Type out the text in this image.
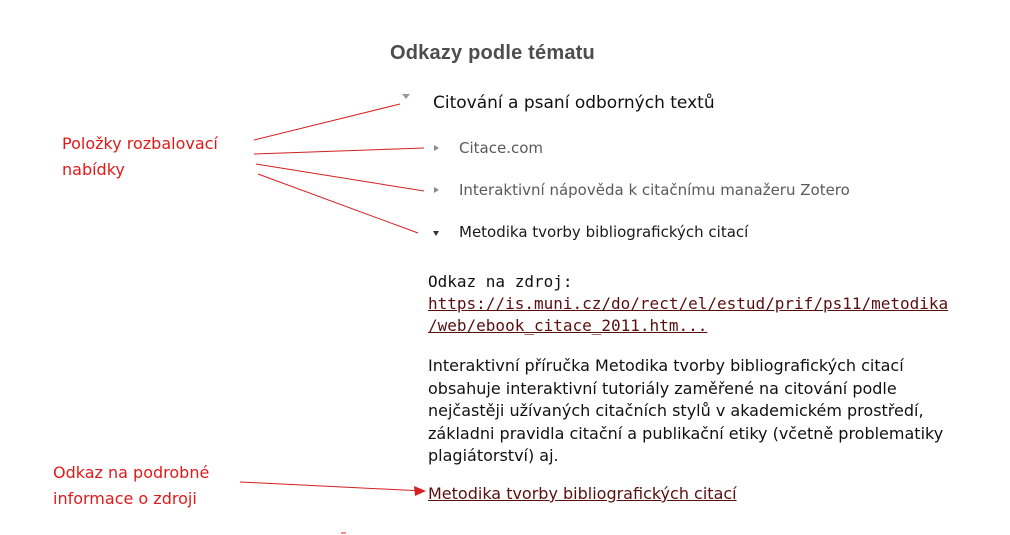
Odkazy podle tématu
Citování a psaní odborných textů
Citace.com
Interaktivní nápověda k citačnímu manažeru Zotero
Metodika tvorby bibliografických citací
Odkaz na zdroj:
https://is.muni.cz/do/rect/el/estud/prif/ps11/metodika
/web/ebook_citace_2011.htm...
Interaktivní příručka Metodika tvorby bibliografických citací obsahuje interaktivní tutoriály zaměřené na citování podle nejčastěji užívaných citačních stylů v akademickém prostředí, základni pravidla citační a publikační etiky (včetně problematiky plagiátorství) aj.
Metodika tvorby bibliografických citací
Položky rozbalovací
nabídky
Odkaz na podrobné
informace o zdroji
